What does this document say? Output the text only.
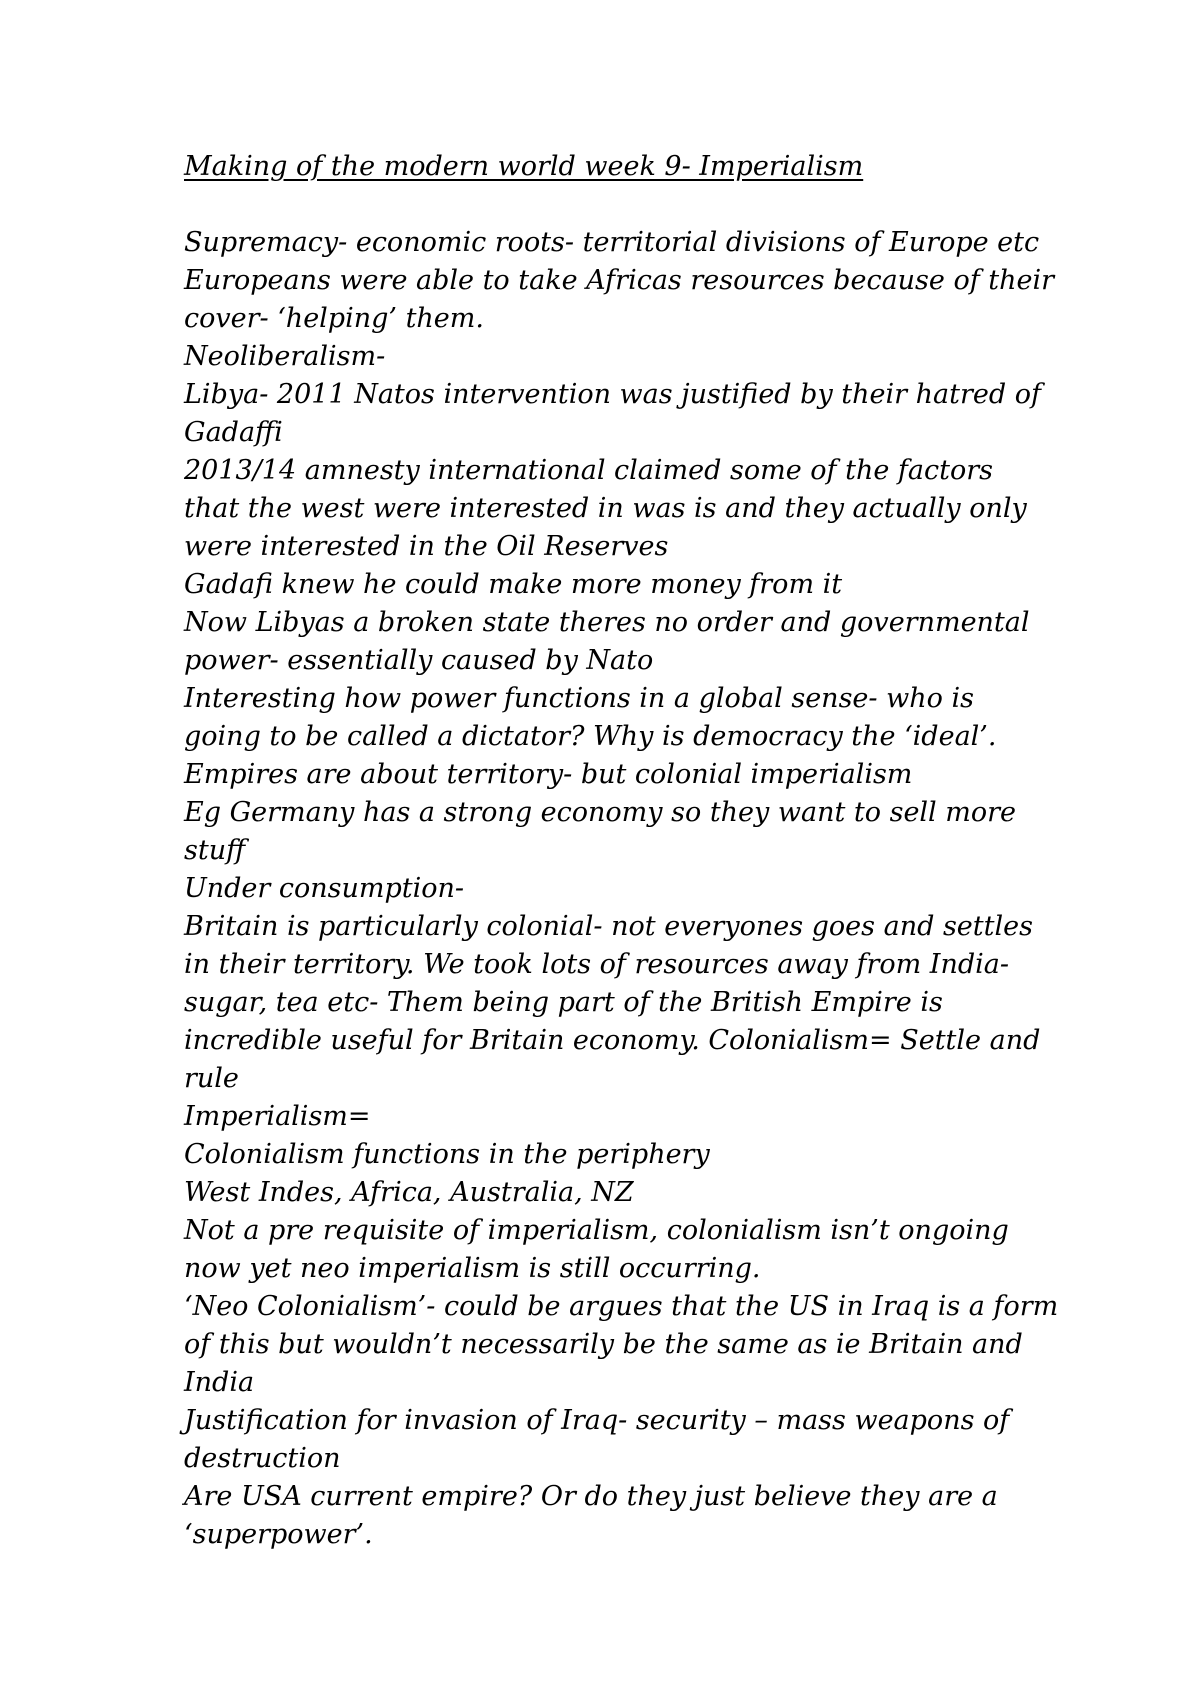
Making of the modern world week 9- Imperialism

Supremacy- economic roots- territorial divisions of Europe etc

Europeans were able to take Africas resources because of their

cover- ‘helping’ them.

Neoliberalism-

Libya- 2011 Natos intervention was justified by their hatred of

Gadaffi

2013/14 amnesty international claimed some of the factors

that the west were interested in was is and they actually only

were interested in the Oil Reserves

Gadafi knew he could make more money from it

Now Libyas a broken state theres no order and governmental

power- essentially caused by Nato

Interesting how power functions in a global sense- who is

going to be called a dictator? Why is democracy the ‘ideal’.

Empires are about territory- but colonial imperialism

Eg Germany has a strong economy so they want to sell more

stuff

Under consumption-

Britain is particularly colonial- not everyones goes and settles

in their territory. We took lots of resources away from India-

sugar, tea etc- Them being part of the British Empire is

incredible useful for Britain economy. Colonialism= Settle and

rule

Imperialism=

Colonialism functions in the periphery

West Indes, Africa, Australia, NZ

Not a pre requisite of imperialism, colonialism isn’t ongoing

now yet neo imperialism is still occurring.

‘Neo Colonialism’- could be argues that the US in Iraq is a form

of this but wouldn’t necessarily be the same as ie Britain and

India

Justification for invasion of Iraq- security – mass weapons of

destruction

Are USA current empire? Or do they just believe they are a

‘superpower’.
